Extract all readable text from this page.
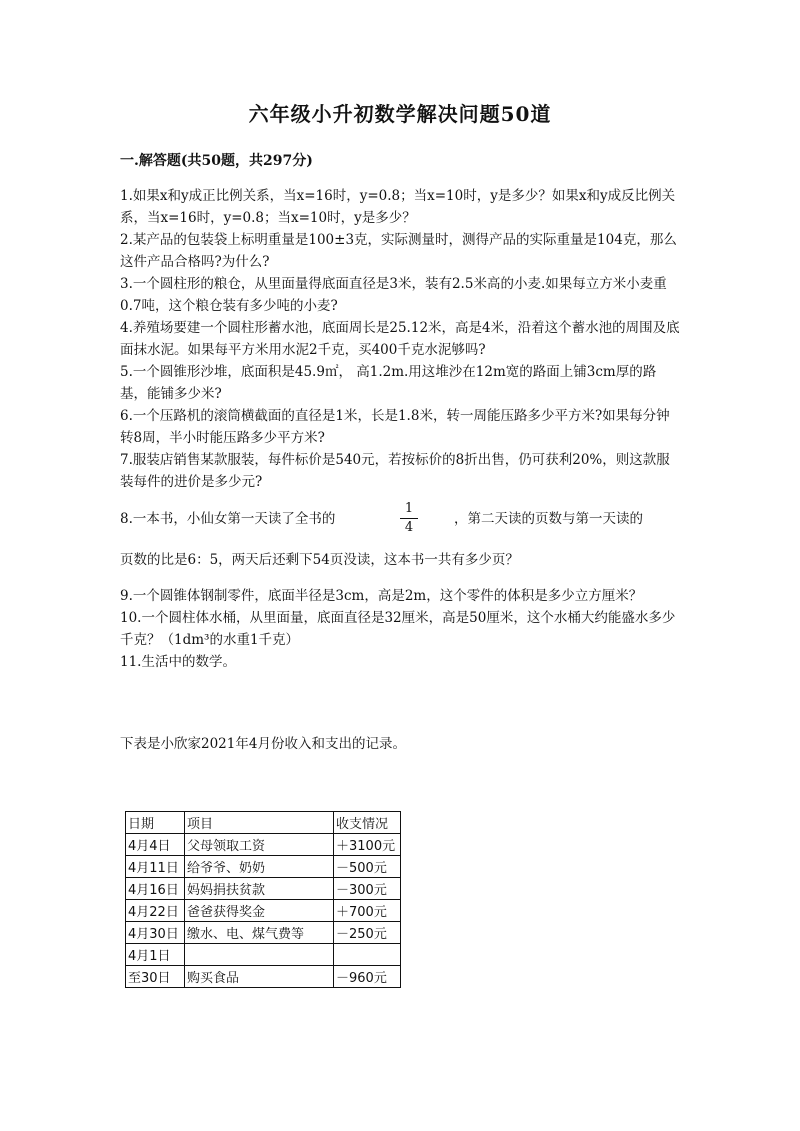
六年级小升初数学解决问题50道
一.解答题(共50题，共297分)

1.如果x和y成正比例关系，当x=16时，y=0.8；当x=10时，y是多少？如果x和y成反比例关系，当x=16时，y=0.8；当x=10时，y是多少？

2.某产品的包装袋上标明重量是100±3克，实际测量时，测得产品的实际重量是104克，那么这件产品合格吗?为什么?

3.一个圆柱形的粮仓，从里面量得底面直径是3米，装有2.5米高的小麦.如果每立方米小麦重0.7吨，这个粮仓装有多少吨的小麦?

4.养殖场要建一个圆柱形蓄水池，底面周长是25.12米，高是4米，沿着这个蓄水池的周围及底面抹水泥。如果每平方米用水泥2千克，买400千克水泥够吗?

5.一个圆锥形沙堆，底面积是45.9㎡， 高1.2m.用这堆沙在12m宽的路面上铺3cm厚的路基，能铺多少米?

6.一个压路机的滚筒横截面的直径是1米，长是1.8米，转一周能压路多少平方米?如果每分钟转8周，半小时能压路多少平方米?

7.服装店销售某款服装，每件标价是540元，若按标价的8折出售，仍可获利20%，则这款服装每件的进价是多少元?

8.一本书，小仙女第一天读了全书的
1
4
，第二天读的页数与第一天读的
页数的比是6：5，两天后还剩下54页没读，这本书一共有多少页？

9.一个圆锥体钢制零件，底面半径是3cm，高是2m，这个零件的体积是多少立方厘米？

10.一个圆柱体水桶，从里面量，底面直径是32厘米，高是50厘米，这个水桶大约能盛水多少千克？（1dm³的水重1千克）

11.生活中的数学。

下表是小欣家2021年4月份收入和支出的记录。
日期	项目	收支情况
4月4日	父母领取工资	＋3100元
4月11日	给爷爷、奶奶	－500元
4月16日	妈妈捐扶贫款	－300元
4月22日	爸爸获得奖金	＋700元
4月30日	缴水、电、煤气费等	－250元
4月1日		
至30日	购买食品	－960元
